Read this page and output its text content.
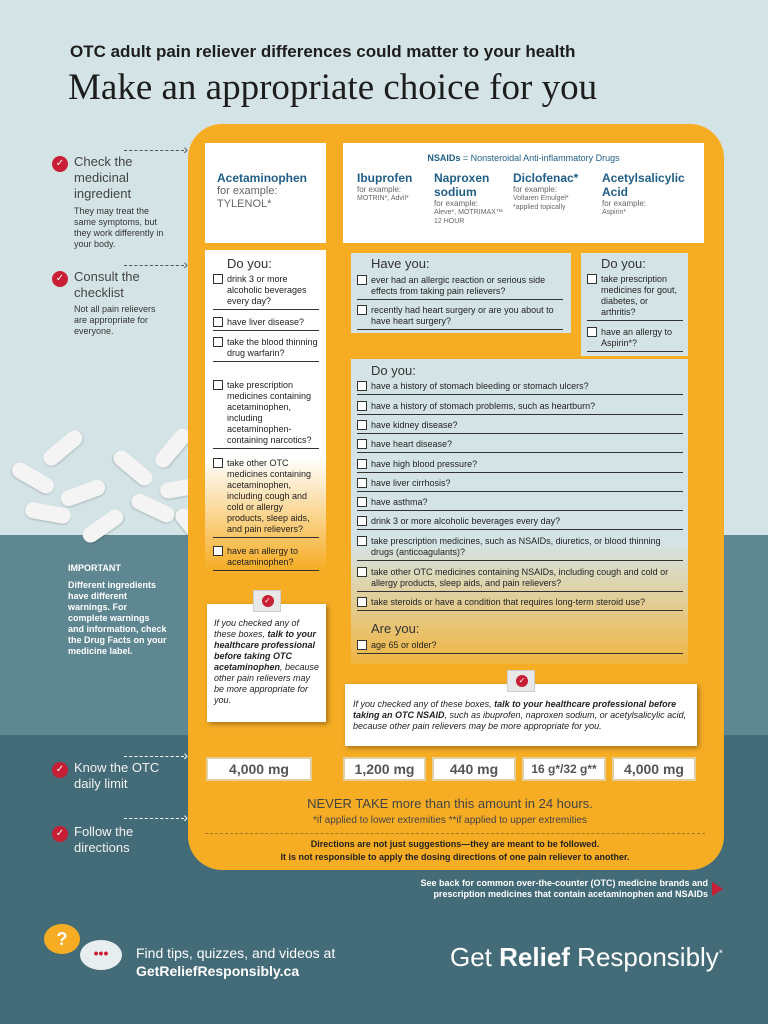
OTC adult pain reliever differences could matter to your health
Make an appropriate choice for you
✓ Check the medicinal ingredient
They may treat the same symptoms, but they work differently in your body.
›
✓ Consult the checklist
Not all pain relievers are appropriate for everyone.
›
IMPORTANT
Different ingredients have different warnings. For complete warnings and information, check the Drug Facts on your medicine label.
✓ Know the OTC daily limit
›
✓ Follow the directions
›
Acetaminophen
for example:
TYLENOL*
NSAIDs = Nonsteroidal Anti-inflammatory Drugs
Ibuprofen
for example:
MOTRIN*, Advil*
Naproxen sodium
for example:
Aleve*, MOTRIMAX™ 12 HOUR
Diclofenac*
for example:
Voltaren Emulgel* *applied topically
Acetylsalicylic Acid
for example:
Aspirin*
Do you:
drink 3 or more alcoholic beverages every day?
have liver disease?
take the blood thinning drug warfarin?
take prescription medicines containing acetaminophen, including acetaminophen-containing narcotics?
take other OTC medicines containing acetaminophen, including cough and cold or allergy products, sleep aids, and pain relievers?
have an allergy to acetaminophen?
Have you:
ever had an allergic reaction or serious side effects from taking pain relievers?
recently had heart surgery or are you about to have heart surgery?
Do you:
take prescription medicines for gout, diabetes, or arthritis?
have an allergy to Aspirin*?
Do you:
have a history of stomach bleeding or stomach ulcers?
have a history of stomach problems, such as heartburn?
have kidney disease?
have heart disease?
have high blood pressure?
have liver cirrhosis?
have asthma?
drink 3 or more alcoholic beverages every day?
take prescription medicines, such as NSAIDs, diuretics, or blood thinning drugs (anticoagulants)?
take other OTC medicines containing NSAIDs, including cough and cold or allergy products, sleep aids, and pain relievers?
take steroids or have a condition that requires long-term steroid use?
Are you:
age 65 or older?
✓
If you checked any of these boxes, talk to your healthcare professional before taking OTC acetaminophen, because other pain relievers may be more appropriate for you.
✓
If you checked any of these boxes, talk to your healthcare professional before taking an OTC NSAID, such as ibuprofen, naproxen sodium, or acetylsalicylic acid, because other pain relievers may be more appropriate for you.
4,000 mg	1,200 mg	440 mg	16 g*/32 g**	4,000 mg
NEVER TAKE more than this amount in 24 hours.
*if applied to lower extremities **if applied to upper extremities
Directions are not just suggestions—they are meant to be followed.
It is not responsible to apply the dosing directions of one pain reliever to another.
See back for common over-the-counter (OTC) medicine brands and prescription medicines that contain acetaminophen and NSAIDs
?
•••	Find tips, quizzes, and videos at
GetReliefResponsibly.ca	Get Relief Responsibly*
